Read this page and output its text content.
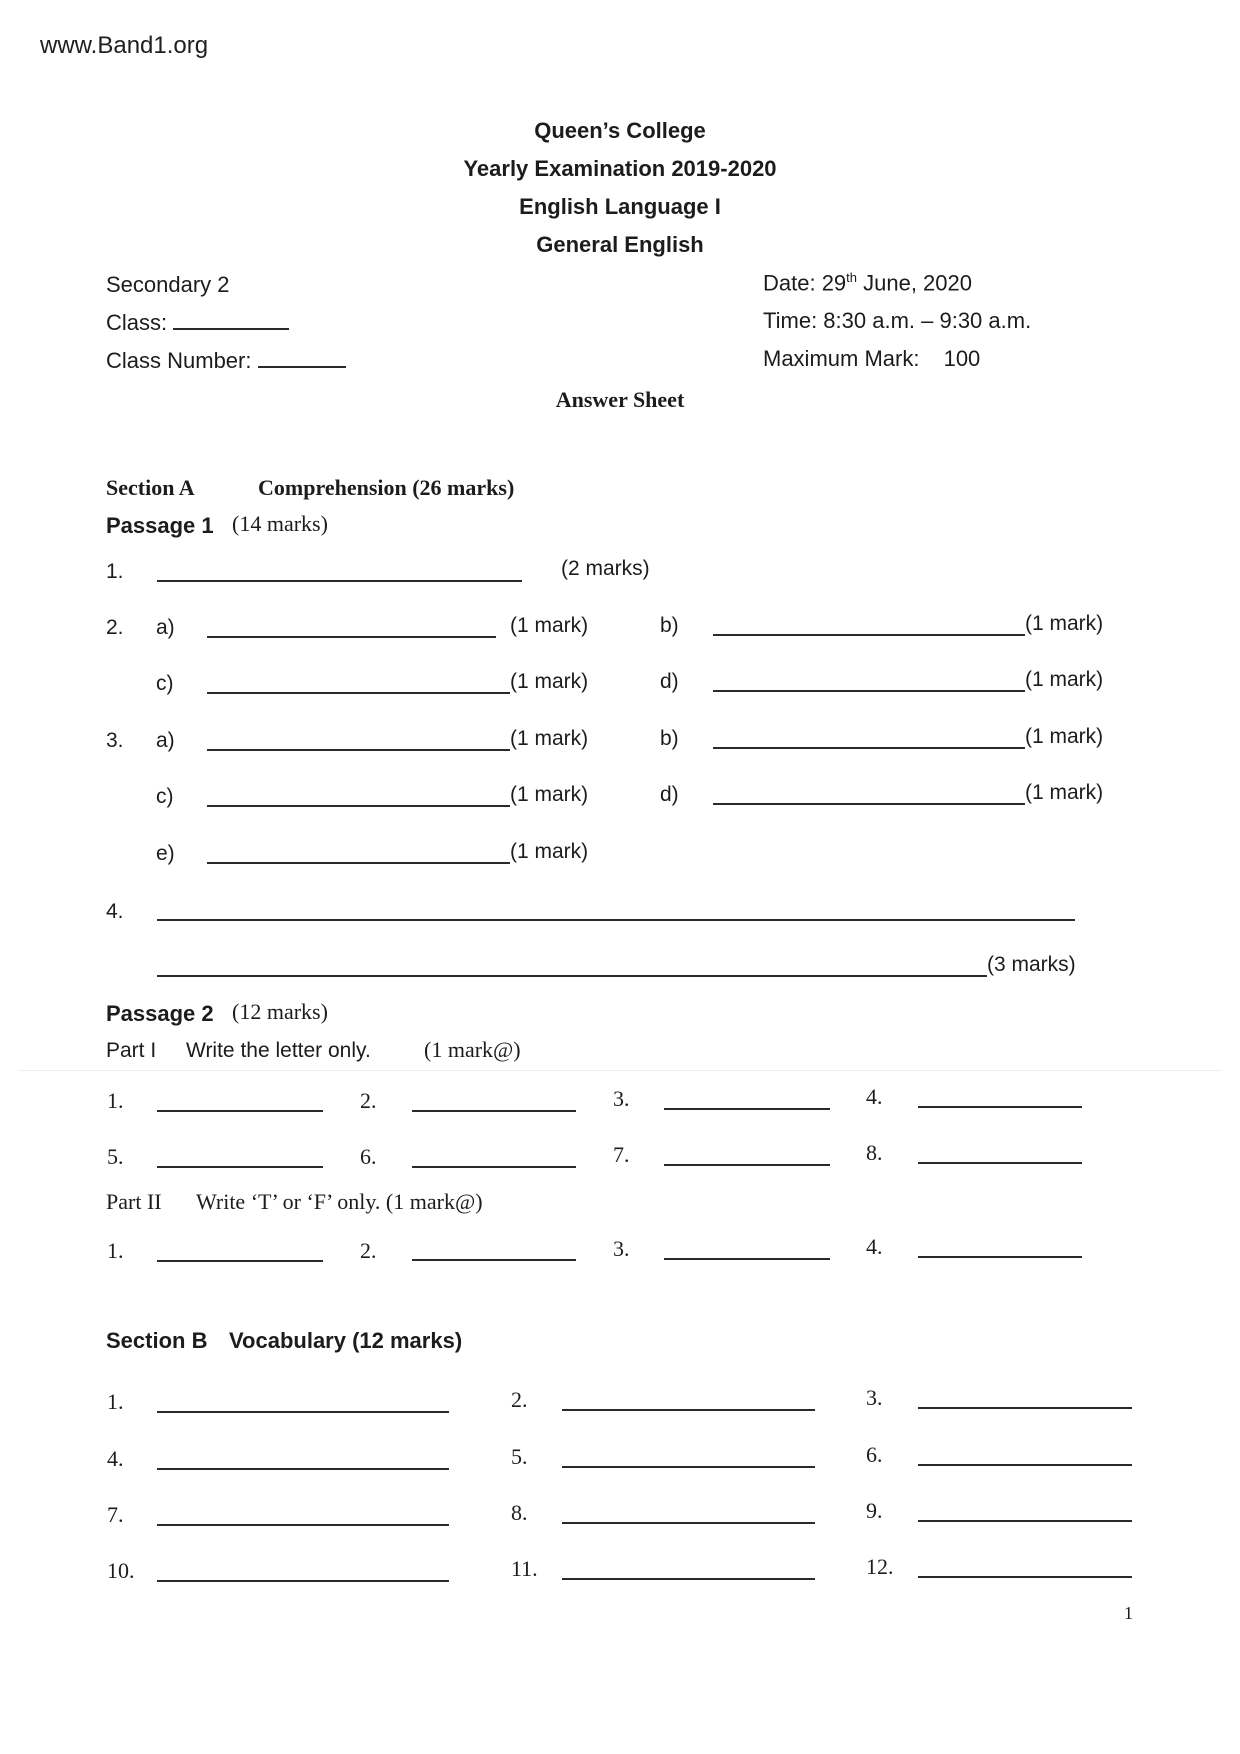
www.Band1.org
Queen’s College
Yearly Examination 2019-2020
English Language I
General English
Secondary 2
Class:
Class Number:
Date: 29th June, 2020
Time: 8:30 a.m. – 9:30 a.m.
Maximum Mark: 100
Answer Sheet
Section A	Comprehension (26 marks)
Passage 1 (14 marks)
1.	(2 marks)
2. a)	(1 mark)	b)	(1 mark)
c)	(1 mark)	d)	(1 mark)
3. a)	(1 mark)	b)	(1 mark)
c)	(1 mark)	d)	(1 mark)
e)	(1 mark)
4.
(3 marks)
Passage 2 (12 marks)
Part I Write the letter only. (1 mark@)
1.	2.	3.	4.
5.	6.	7.	8.
Part II Write ‘T’ or ‘F’ only. (1 mark@)
1.	2.	3.	4.
Section B Vocabulary (12 marks)
1.	2.	3.
4.	5.	6.
7.	8.	9.
10.	11.	12.
1
